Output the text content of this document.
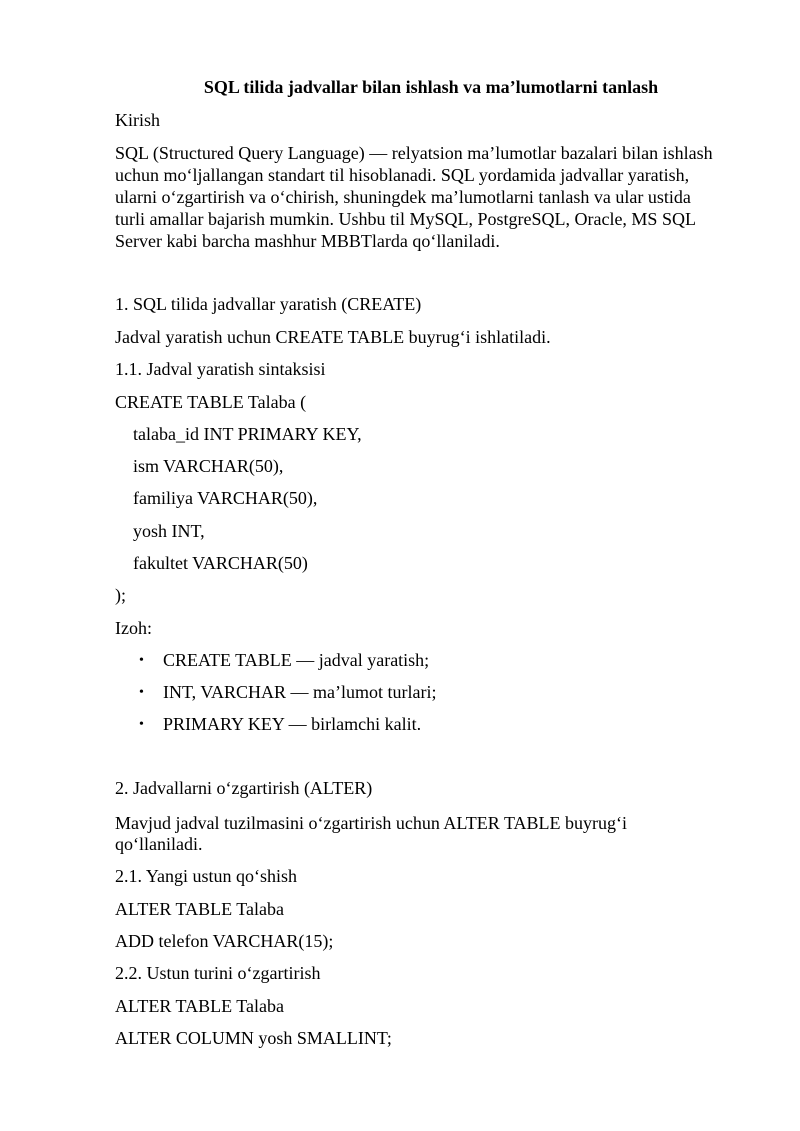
SQL tilida jadvallar bilan ishlash va ma’lumotlarni tanlash
Kirish
SQL (Structured Query Language) — relyatsion ma’lumotlar bazalari bilan ishlash
uchun mo‘ljallangan standart til hisoblanadi. SQL yordamida jadvallar yaratish,
ularni o‘zgartirish va o‘chirish, shuningdek ma’lumotlarni tanlash va ular ustida
turli amallar bajarish mumkin. Ushbu til MySQL, PostgreSQL, Oracle, MS SQL
Server kabi barcha mashhur MBBTlarda qo‘llaniladi.
1. SQL tilida jadvallar yaratish (CREATE)
Jadval yaratish uchun CREATE TABLE buyrug‘i ishlatiladi.
1.1. Jadval yaratish sintaksisi
CREATE TABLE Talaba (
talaba_id INT PRIMARY KEY,
ism VARCHAR(50),
familiya VARCHAR(50),
yosh INT,
fakultet VARCHAR(50)
);
Izoh:
• CREATE TABLE — jadval yaratish;
• INT, VARCHAR — ma’lumot turlari;
• PRIMARY KEY — birlamchi kalit.
2. Jadvallarni o‘zgartirish (ALTER)
Mavjud jadval tuzilmasini o‘zgartirish uchun ALTER TABLE buyrug‘i
qo‘llaniladi.
2.1. Yangi ustun qo‘shish
ALTER TABLE Talaba
ADD telefon VARCHAR(15);
2.2. Ustun turini o‘zgartirish
ALTER TABLE Talaba
ALTER COLUMN yosh SMALLINT;
